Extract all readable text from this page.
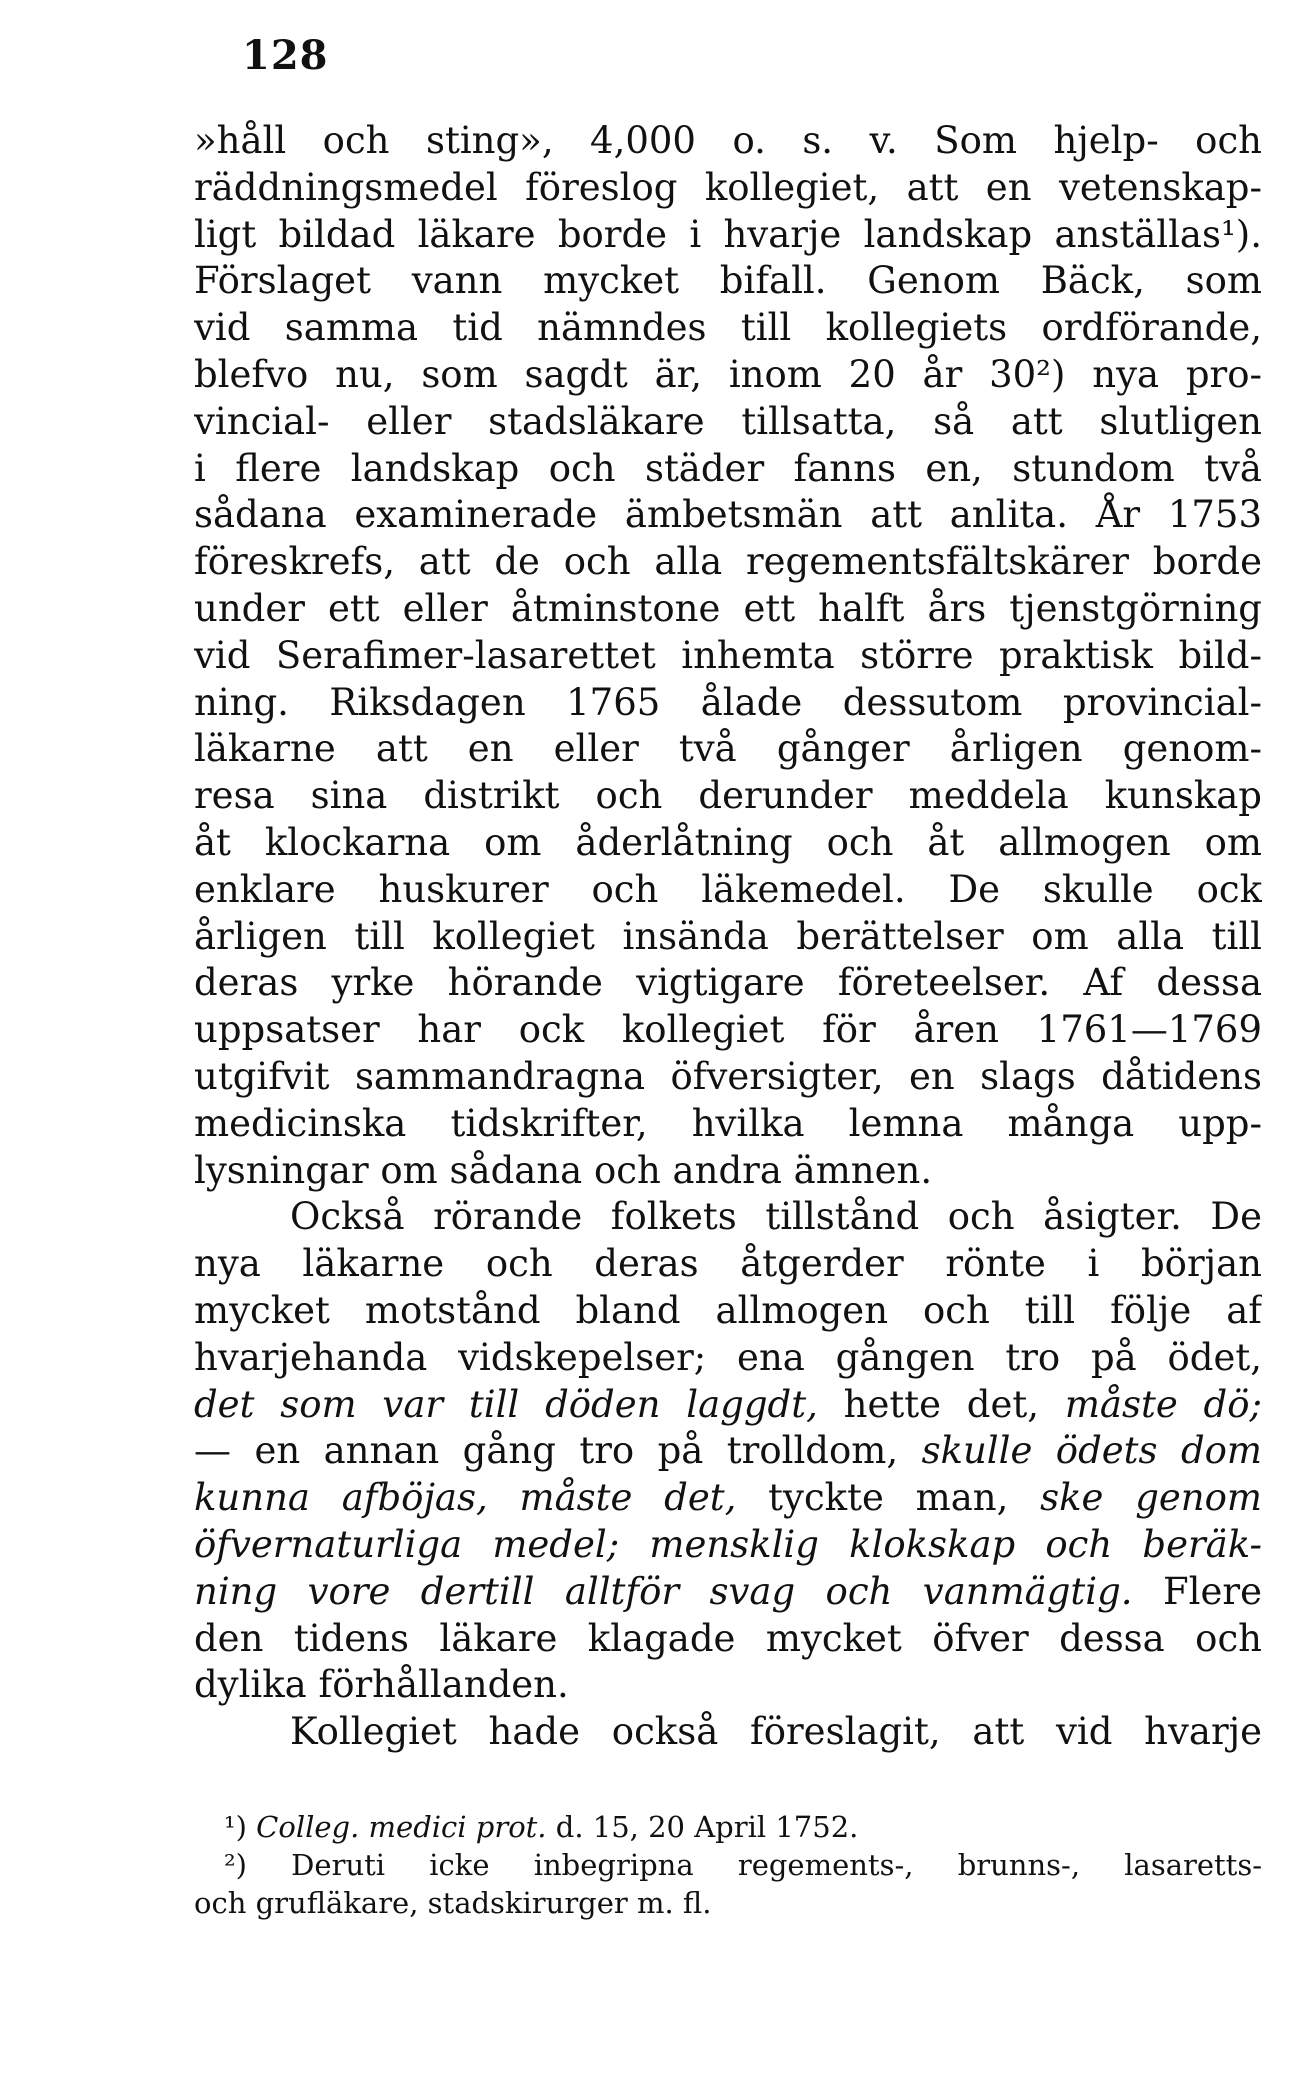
128
»håll och sting», 4,000 o. s. v. Som hjelp- och
räddningsmedel föreslog kollegiet, att en vetenskap-
ligt bildad läkare borde i hvarje landskap anställas¹).
Förslaget vann mycket bifall. Genom Bäck, som
vid samma tid nämndes till kollegiets ordförande,
blefvo nu, som sagdt är, inom 20 år 30²) nya pro-
vincial- eller stadsläkare tillsatta, så att slutligen
i flere landskap och städer fanns en, stundom två
sådana examinerade ämbetsmän att anlita. År 1753
föreskrefs, att de och alla regementsfältskärer borde
under ett eller åtminstone ett halft års tjenstgörning
vid Serafimer-lasarettet inhemta större praktisk bild-
ning. Riksdagen 1765 ålade dessutom provincial-
läkarne att en eller två gånger årligen genom-
resa sina distrikt och derunder meddela kunskap
åt klockarna om åderlåtning och åt allmogen om
enklare huskurer och läkemedel. De skulle ock
årligen till kollegiet insända berättelser om alla till
deras yrke hörande vigtigare företeelser. Af dessa
uppsatser har ock kollegiet för åren 1761—1769
utgifvit sammandragna öfversigter, en slags dåtidens
medicinska tidskrifter, hvilka lemna många upp-
lysningar om sådana och andra ämnen.
Också rörande folkets tillstånd och åsigter. De
nya läkarne och deras åtgerder rönte i början
mycket motstånd bland allmogen och till följe af
hvarjehanda vidskepelser; ena gången tro på ödet,
det som var till döden laggdt, hette det, måste dö;
— en annan gång tro på trolldom, skulle ödets dom
kunna afböjas, måste det, tyckte man, ske genom
öfvernaturliga medel; mensklig klokskap och beräk-
ning vore dertill alltför svag och vanmägtig. Flere
den tidens läkare klagade mycket öfver dessa och
dylika förhållanden.
Kollegiet hade också föreslagit, att vid hvarje
¹) Colleg. medici prot. d. 15, 20 April 1752.
²) Deruti icke inbegripna regements-, brunns-, lasaretts-
och grufläkare, stadskirurger m. fl.
